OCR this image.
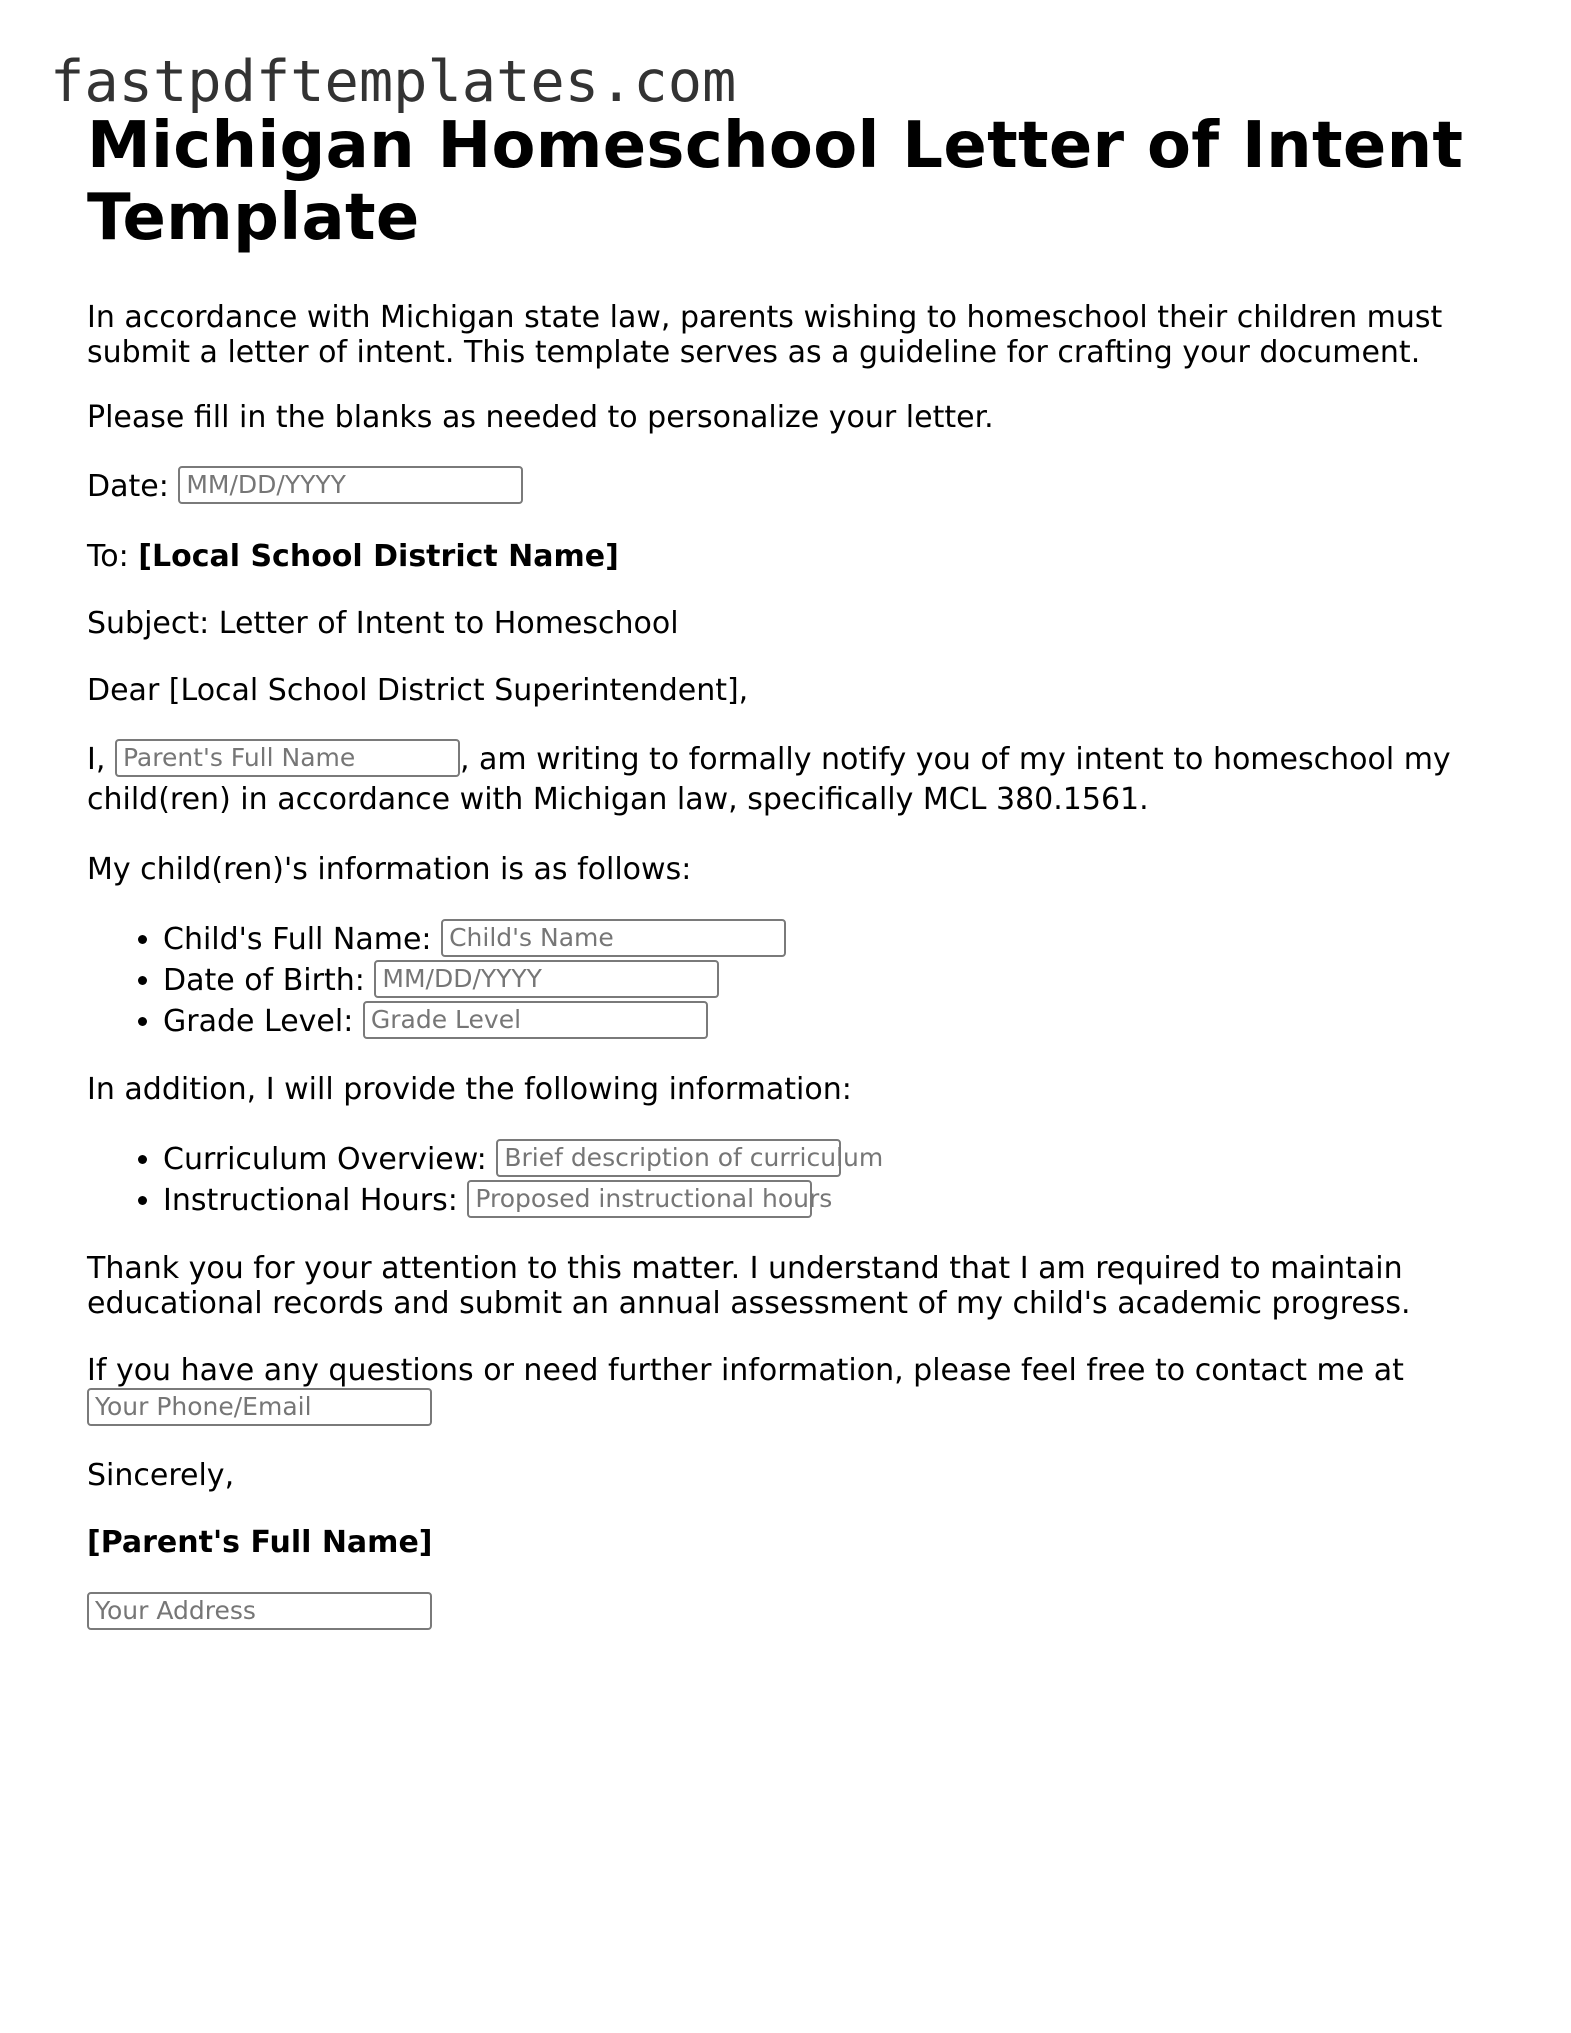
fastpdftemplates.com
Michigan Homeschool Letter of Intent Template

In accordance with Michigan state law, parents wishing to homeschool their children must submit a letter of intent. This template serves as a guideline for crafting your document.

Please fill in the blanks as needed to personalize your letter.

Date: MM/DD/YYYY

To: [Local School District Name]

Subject: Letter of Intent to Homeschool

Dear [Local School District Superintendent],

I, Parent's Full Name	, am writing to formally notify you of my intent to homeschool my child(ren) in accordance with Michigan law, specifically MCL 380.1561.

My child(ren)'s information is as follows:

• Child's Full Name: Child's Name
• Date of Birth: MM/DD/YYYY
• Grade Level: Grade Level

In addition, I will provide the following information:

• Curriculum Overview: Brief description of curriculum
• Instructional Hours: Proposed instructional hours

Thank you for your attention to this matter. I understand that I am required to maintain educational records and submit an annual assessment of my child's academic progress.

If you have any questions or need further information, please feel free to contact me at
Your Phone/Email

Sincerely,

[Parent's Full Name]

Your Address
